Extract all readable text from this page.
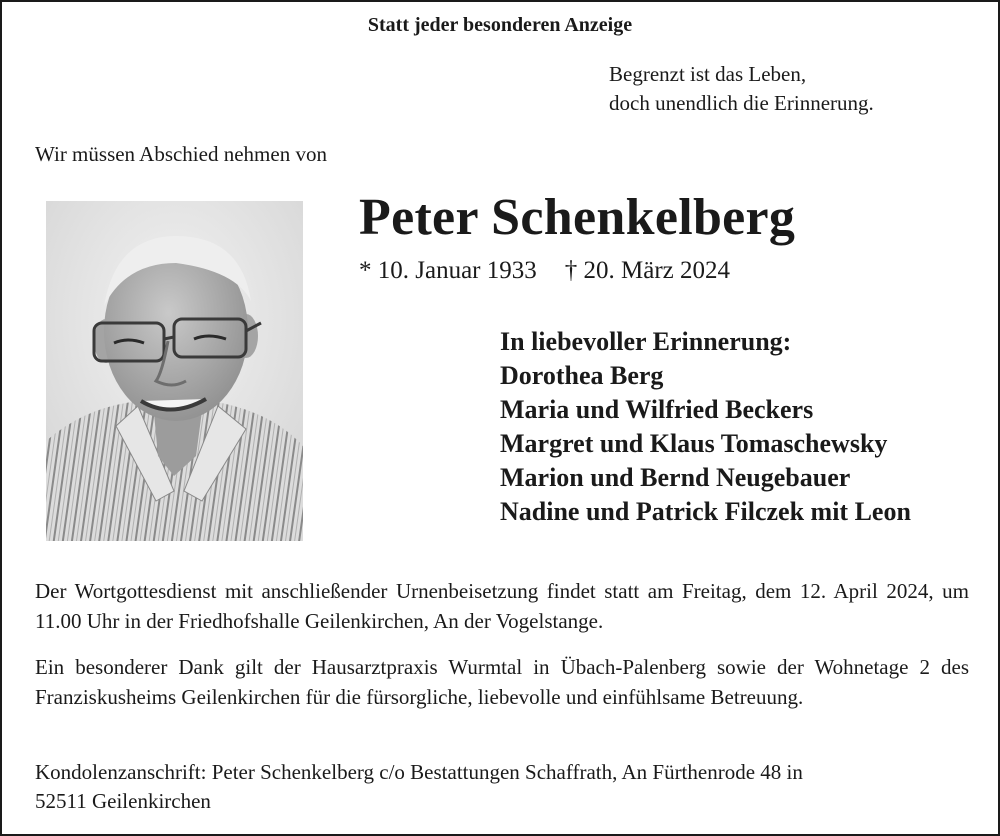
Statt jeder besonderen Anzeige
Begrenzt ist das Leben,
doch unendlich die Erinnerung.
Wir müssen Abschied nehmen von
Peter Schenkelberg
* 10. Januar 1933 † 20. März 2024
In liebevoller Erinnerung:
Dorothea Berg
Maria und Wilfried Beckers
Margret und Klaus Tomaschewsky
Marion und Bernd Neugebauer
Nadine und Patrick Filczek mit Leon
Der Wortgottesdienst mit anschließender Urnenbeisetzung findet statt am Freitag, dem 12. April 2024, um 11.00 Uhr in der Friedhofshalle Geilenkirchen, An der Vogelstange.
Ein besonderer Dank gilt der Hausarztpraxis Wurmtal in Übach-Palenberg sowie der Wohnetage 2 des Franziskusheims Geilenkirchen für die fürsorgliche, liebevolle und einfühlsame Betreuung.
Kondolenzanschrift: Peter Schenkelberg c/o Bestattungen Schaffrath, An Fürthenrode 48 in
52511 Geilenkirchen
